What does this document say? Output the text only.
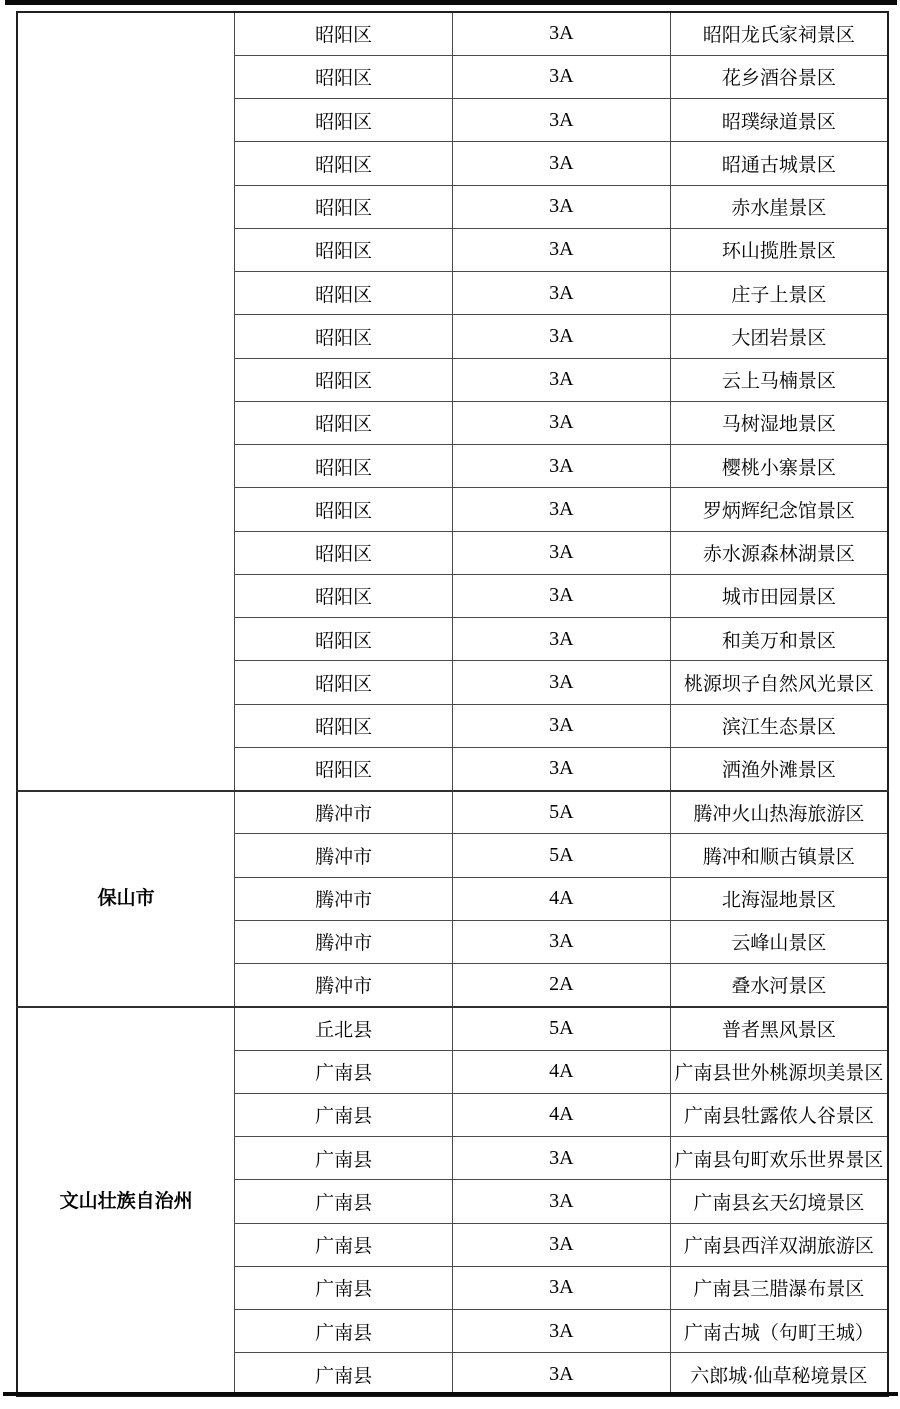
	昭阳区	3A	昭阳龙氏家祠景区
	昭阳区	3A	花乡酒谷景区
	昭阳区	3A	昭璞绿道景区
	昭阳区	3A	昭通古城景区
	昭阳区	3A	赤水崖景区
	昭阳区	3A	环山揽胜景区
	昭阳区	3A	庄子上景区
	昭阳区	3A	大团岩景区
	昭阳区	3A	云上马楠景区
	昭阳区	3A	马树湿地景区
	昭阳区	3A	樱桃小寨景区
	昭阳区	3A	罗炳辉纪念馆景区
	昭阳区	3A	赤水源森林湖景区
	昭阳区	3A	城市田园景区
	昭阳区	3A	和美万和景区
	昭阳区	3A	桃源坝子自然风光景区
	昭阳区	3A	滨江生态景区
	昭阳区	3A	洒渔外滩景区
保山市	腾冲市	5A	腾冲火山热海旅游区
	腾冲市	5A	腾冲和顺古镇景区
	腾冲市	4A	北海湿地景区
	腾冲市	3A	云峰山景区
	腾冲市	2A	叠水河景区
文山壮族自治州	丘北县	5A	普者黑风景区
	广南县	4A	广南县世外桃源坝美景区
	广南县	4A	广南县牡露侬人谷景区
	广南县	3A	广南县句町欢乐世界景区
	广南县	3A	广南县玄天幻境景区
	广南县	3A	广南县西洋双湖旅游区
	广南县	3A	广南县三腊瀑布景区
	广南县	3A	广南古城（句町王城）
	广南县	3A	六郎城·仙草秘境景区
